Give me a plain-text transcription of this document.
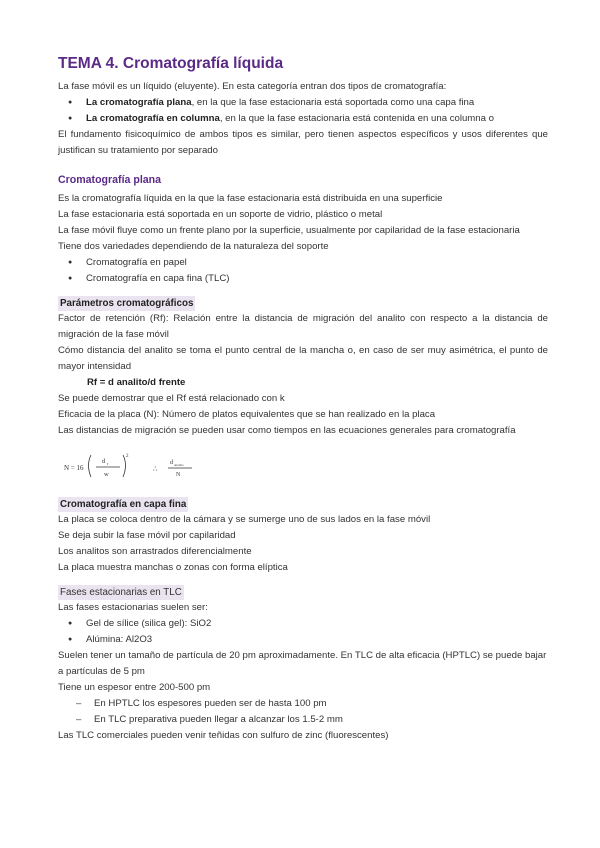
TEMA 4. Cromatografía líquida

La fase móvil es un líquido (eluyente). En esta categoría entran dos tipos de cromatografía:

● La cromatografía plana, en la que la fase estacionaria está soportada como una capa fina
● La cromatografía en columna, en la que la fase estacionaria está contenida en una columna o

El fundamento fisicoquímico de ambos tipos es similar, pero tienen aspectos específicos y usos diferentes que justifican su tratamiento por separado

Cromatografía plana

Es la cromatografía líquida en la que la fase estacionaria está distribuida en una superficie

La fase estacionaria está soportada en un soporte de vidrio, plástico o metal

La fase móvil fluye como un frente plano por la superficie, usualmente por capilaridad de la fase estacionaria

Tiene dos variedades dependiendo de la naturaleza del soporte

● Cromatografía en papel
● Cromatografía en capa fina (TLC)
Parámetros cromatográficos

Factor de retención (Rf): Relación entre la distancia de migración del analito con respecto a la distancia de migración de la fase móvil

Cómo distancia del analito se toma el punto central de la mancha o, en caso de ser muy asimétrica, el punto de mayor intensidad

Rf = d analito/d frente

Se puede demostrar que el Rf está relacionado con k

Eficacia de la placa (N): Número de platos equivalentes que se han realizado en la placa

Las distancias de migración se pueden usar como tiempos en las ecuaciones generales para cromatografía

N = 16
d r
w
2
∴
d analito
N
Cromatografía en capa fina

La placa se coloca dentro de la cámara y se sumerge uno de sus lados en la fase móvil

Se deja subir la fase móvil por capilaridad

Los analitos son arrastrados diferencialmente

La placa muestra manchas o zonas con forma elíptica

Fases estacionarias en TLC

Las fases estacionarias suelen ser:

● Gel de sílice (silica gel): SiO2
● Alúmina: Al2O3

Suelen tener un tamaño de partícula de 20 pm aproximadamente. En TLC de alta eficacia (HPTLC) se puede bajar a partículas de 5 pm

Tiene un espesor entre 200-500 pm

– En HPTLC los espesores pueden ser de hasta 100 pm
– En TLC preparativa pueden llegar a alcanzar los 1.5-2 mm

Las TLC comerciales pueden venir teñidas con sulfuro de zinc (fluorescentes)
